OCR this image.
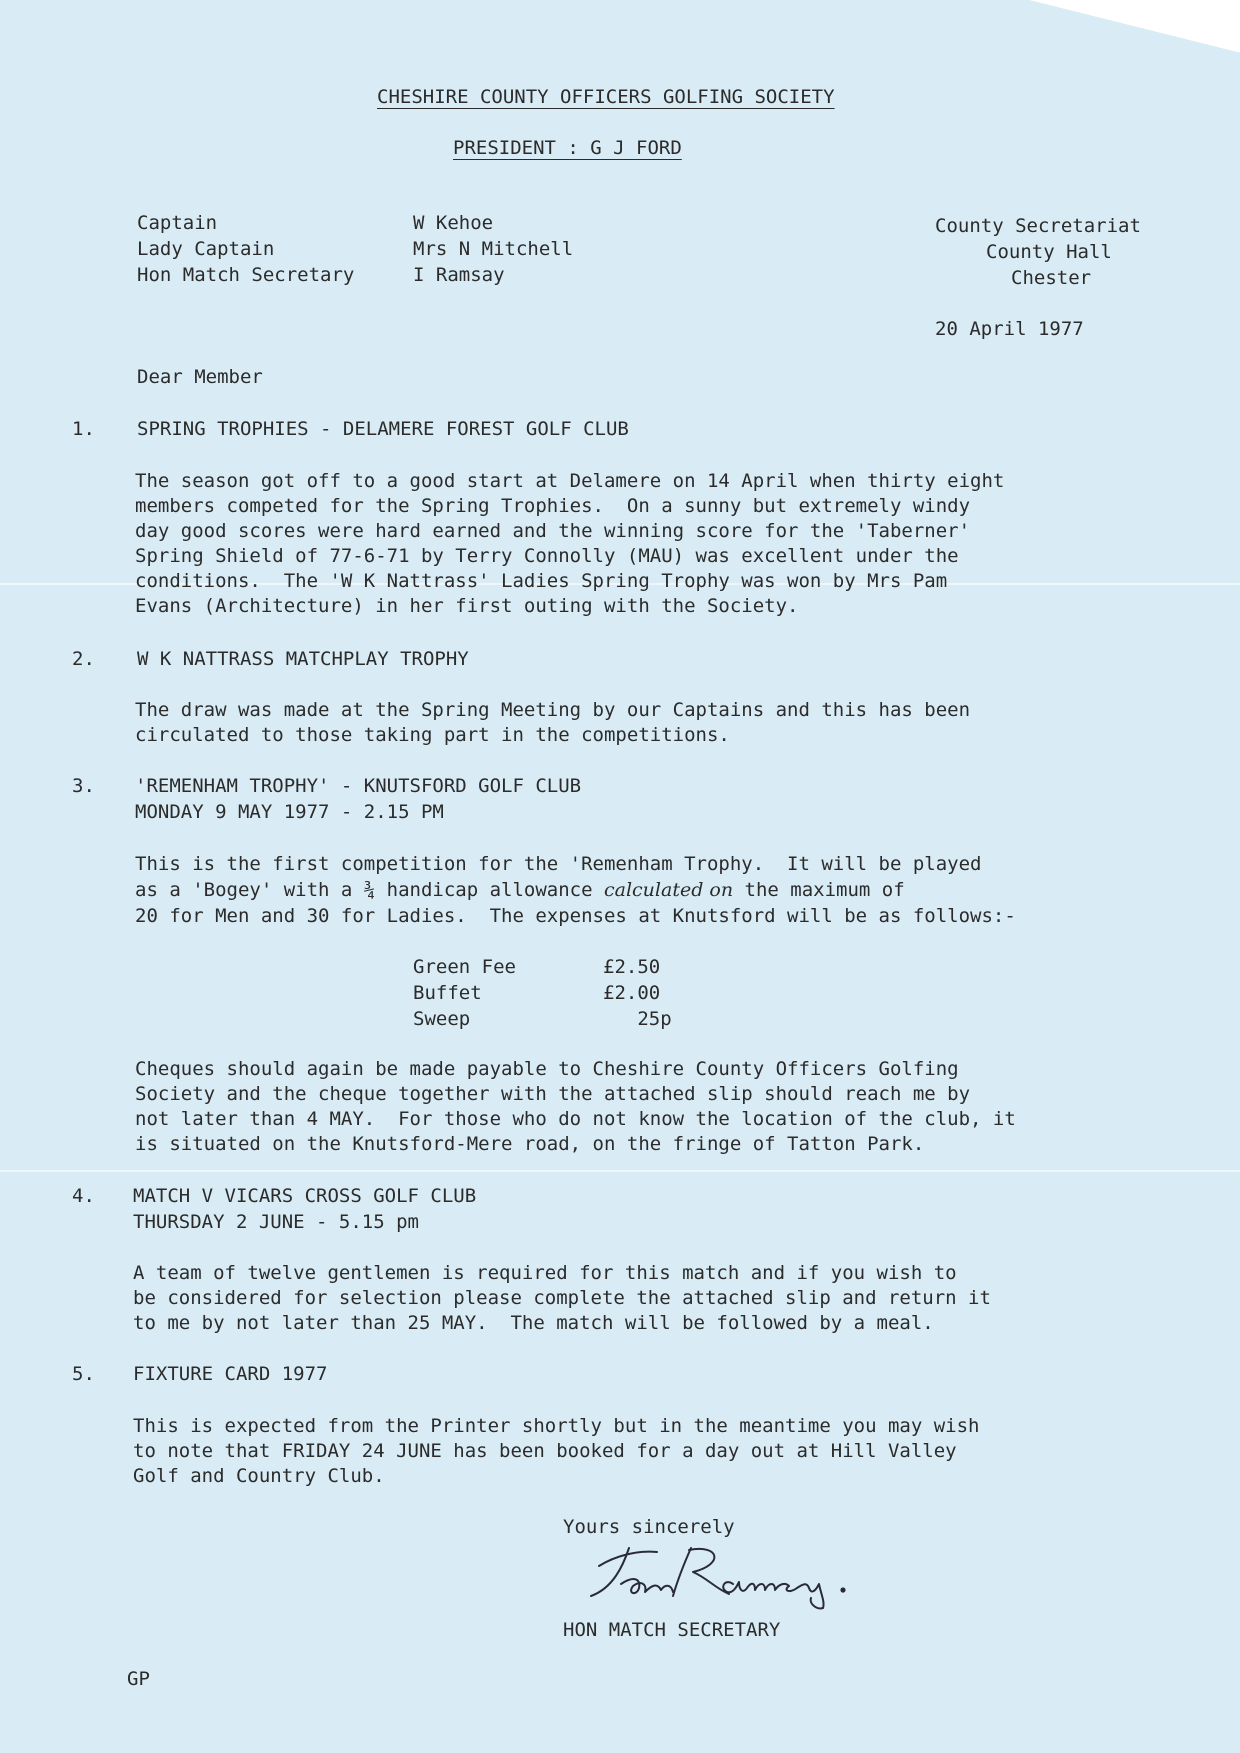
CHESHIRE COUNTY OFFICERS GOLFING SOCIETY
PRESIDENT : G J FORD
Captain	W Kehoe
Lady Captain	Mrs N Mitchell
Hon Match Secretary	I Ramsay
County Secretariat
County Hall
Chester
20 April 1977
Dear Member
1. SPRING TROPHIES - DELAMERE FOREST GOLF CLUB
The season got off to a good start at Delamere on 14 April when thirty eight
members competed for the Spring Trophies.  On a sunny but extremely windy
day good scores were hard earned and the winning score for the 'Taberner'
Spring Shield of 77-6-71 by Terry Connolly (MAU) was excellent under the
conditions.  The 'W K Nattrass' Ladies Spring Trophy was won by Mrs Pam
Evans (Architecture) in her first outing with the Society.
2. W K NATTRASS MATCHPLAY TROPHY
The draw was made at the Spring Meeting by our Captains and this has been
circulated to those taking part in the competitions.
3. 'REMENHAM TROPHY' - KNUTSFORD GOLF CLUB
MONDAY 9 MAY 1977 - 2.15 PM
This is the first competition for the 'Remenham Trophy.  It will be played
as a 'Bogey' with a ¾ handicap allowance calculated on the maximum of
20 for Men and 30 for Ladies.  The expenses at Knutsford will be as follows:-
Green Fee	£2.50
Buffet	£2.00
Sweep	25p
Cheques should again be made payable to Cheshire County Officers Golfing
Society and the cheque together with the attached slip should reach me by
not later than 4 MAY.  For those who do not know the location of the club, it
is situated on the Knutsford-Mere road, on the fringe of Tatton Park.
4. MATCH V VICARS CROSS GOLF CLUB
THURSDAY 2 JUNE - 5.15 pm
A team of twelve gentlemen is required for this match and if you wish to
be considered for selection please complete the attached slip and return it
to me by not later than 25 MAY.  The match will be followed by a meal.
5. FIXTURE CARD 1977
This is expected from the Printer shortly but in the meantime you may wish
to note that FRIDAY 24 JUNE has been booked for a day out at Hill Valley
Golf and Country Club.
Yours sincerely
HON MATCH SECRETARY
GP
